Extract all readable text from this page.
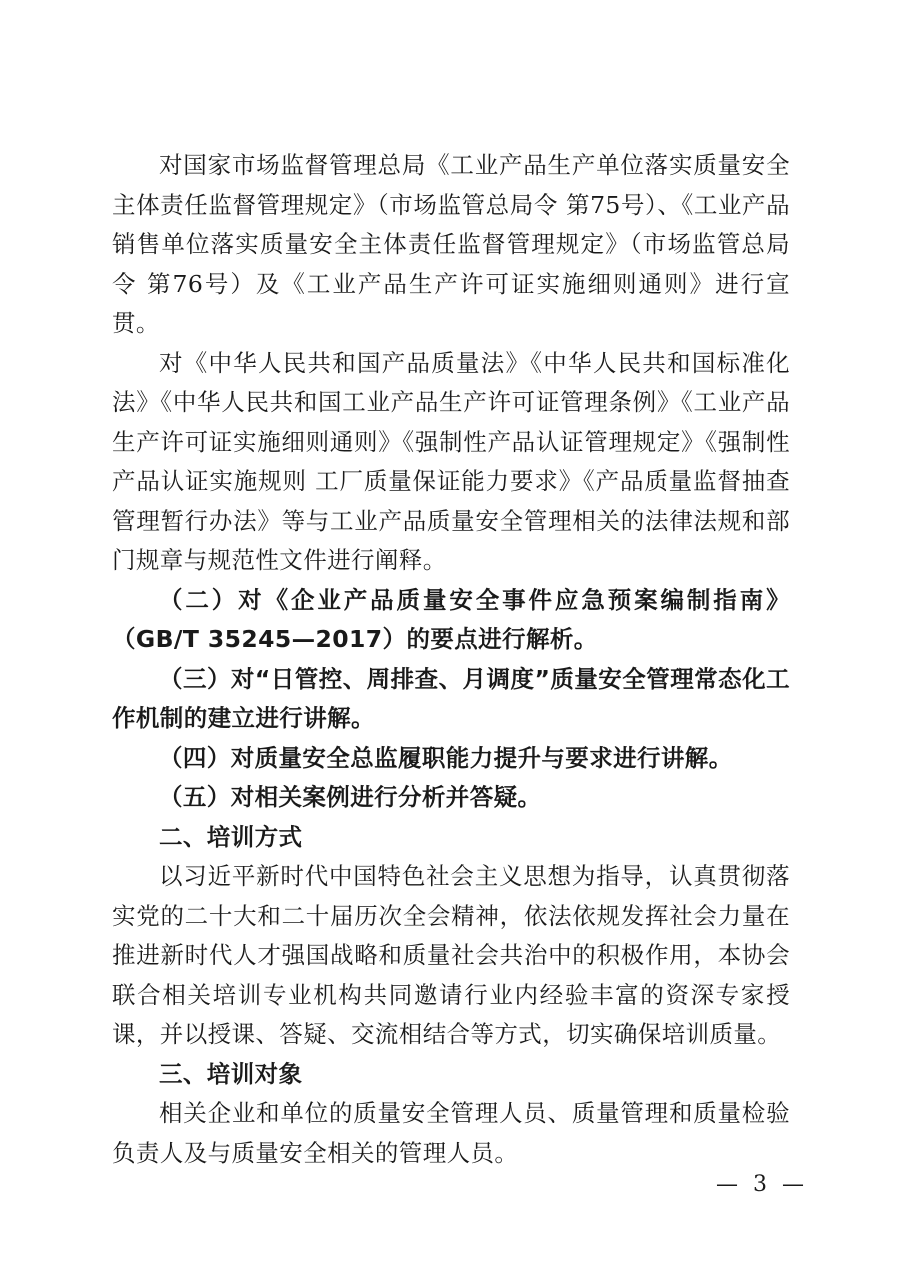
对国家市场监督管理总局《工业产品生产单位落实质量安全主体责任监督管理规定》（市场监管总局令 第75号）、《工业产品销售单位落实质量安全主体责任监督管理规定》（市场监管总局令 第76号）及《工业产品生产许可证实施细则通则》进行宣贯。

对《中华人民共和国产品质量法》《中华人民共和国标准化法》《中华人民共和国工业产品生产许可证管理条例》《工业产品生产许可证实施细则通则》《强制性产品认证管理规定》《强制性产品认证实施规则 工厂质量保证能力要求》《产品质量监督抽查管理暂行办法》等与工业产品质量安全管理相关的法律法规和部门规章与规范性文件进行阐释。

（二）对《企业产品质量安全事件应急预案编制指南》（GB/T 35245—2017）的要点进行解析。

（三）对“日管控、周排查、月调度”质量安全管理常态化工作机制的建立进行讲解。

（四）对质量安全总监履职能力提升与要求进行讲解。

（五）对相关案例进行分析并答疑。

二、培训方式

以习近平新时代中国特色社会主义思想为指导，认真贯彻落实党的二十大和二十届历次全会精神，依法依规发挥社会力量在推进新时代人才强国战略和质量社会共治中的积极作用，本协会联合相关培训专业机构共同邀请行业内经验丰富的资深专家授课，并以授课、答疑、交流相结合等方式，切实确保培训质量。

三、培训对象

相关企业和单位的质量安全管理人员、质量管理和质量检验负责人及与质量安全相关的管理人员。

— 3 —
